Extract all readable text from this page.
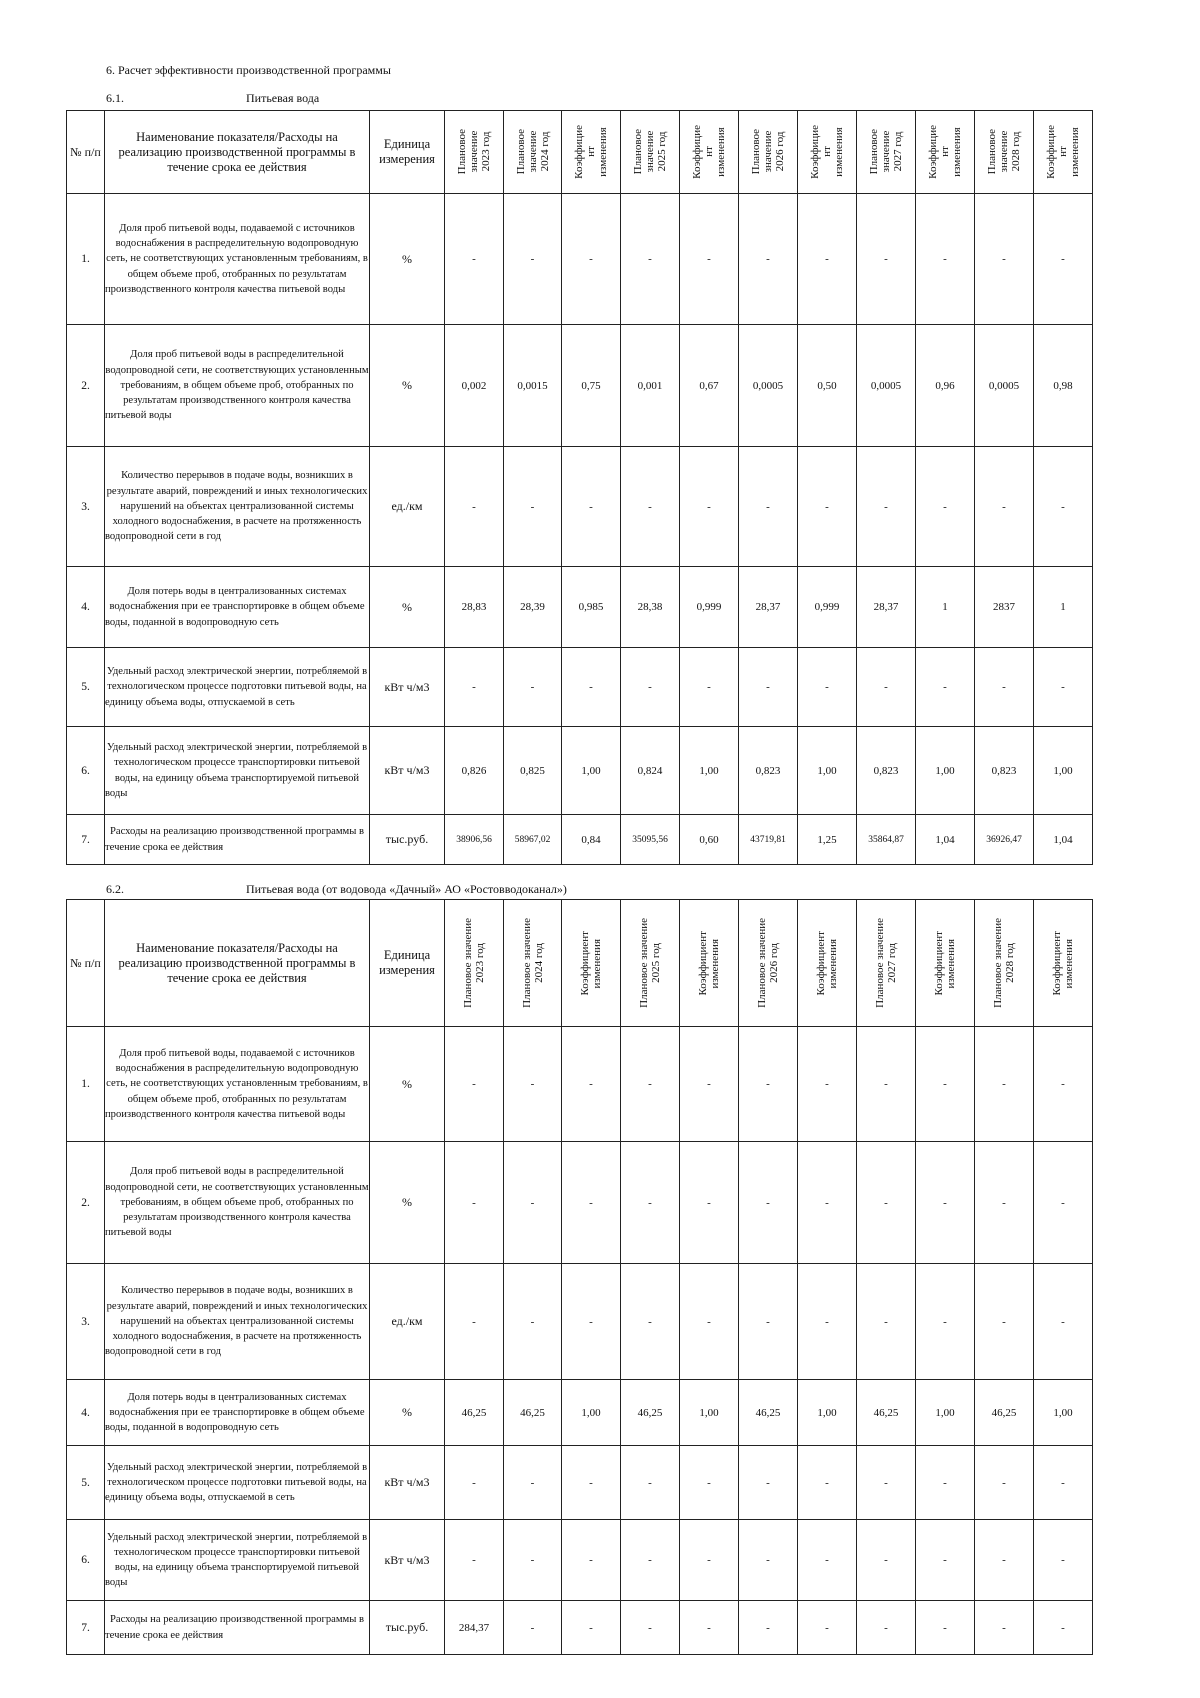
6. Расчет эффективности производственной программы
6.1.	Питьевая вода
№ п/п	Наименование показателя/Расходы на реализацию производственной программы в течение срока ее действия	Единица измерения	Плановое
значение
2023 год	Плановое
значение
2024 год	Коэффицие
нт
изменения	Плановое
значение
2025 год	Коэффицие
нт
изменения	Плановое
значение
2026 год	Коэффицие
нт
изменения	Плановое
значение
2027 год	Коэффицие
нт
изменения	Плановое
значение
2028 год	Коэффицие
нт
изменения

1.	Доля проб питьевой воды, подаваемой с источников водоснабжения в распределительную водопроводную сеть, не соответствующих установленным требованиям, в общем объеме проб, отобранных по результатам производственного контроля качества питьевой воды	%	-	-	-	-	-	-	-	-	-	-	-
2.	Доля проб питьевой воды в распределительной водопроводной сети, не соответствующих установленным требованиям, в общем объеме проб, отобранных по результатам производственного контроля качества питьевой воды	%	0,002	0,0015	0,75	0,001	0,67	0,0005	0,50	0,0005	0,96	0,0005	0,98
3.	Количество перерывов в подаче воды, возникших в результате аварий, повреждений и иных технологических нарушений на объектах централизованной системы холодного водоснабжения, в расчете на протяженность водопроводной сети в год	ед./км	-	-	-	-	-	-	-	-	-	-	-
4.	Доля потерь воды в централизованных системах водоснабжения при ее транспортировке в общем объеме воды, поданной в водопроводную сеть	%	28,83	28,39	0,985	28,38	0,999	28,37	0,999	28,37	1	2837	1
5.	Удельный расход электрической энергии, потребляемой в технологическом процессе подготовки питьевой воды, на единицу объема воды, отпускаемой в сеть	кВт ч/м3	-	-	-	-	-	-	-	-	-	-	-
6.	Удельный расход электрической энергии, потребляемой в технологическом процессе транспортировки питьевой воды, на единицу объема транспортируемой питьевой воды	кВт ч/м3	0,826	0,825	1,00	0,824	1,00	0,823	1,00	0,823	1,00	0,823	1,00
7.	Расходы на реализацию производственной программы в течение срока ее действия	тыс.руб.	38906,56	58967,02	0,84	35095,56	0,60	43719,81	1,25	35864,87	1,04	36926,47	1,04
6.2.	Питьевая вода (от водовода «Дачный» АО «Ростовводоканал»)
№ п/п	Наименование показателя/Расходы на реализацию производственной программы в течение срока ее действия	Единица измерения	Плановое значение
2023 год	Плановое значение
2024 год	Коэффициент
изменения	Плановое значение
2025 год	Коэффициент
изменения	Плановое значение
2026 год	Коэффициент
изменения	Плановое значение
2027 год	Коэффициент
изменения	Плановое значение
2028 год	Коэффициент
изменения

1.	Доля проб питьевой воды, подаваемой с источников водоснабжения в распределительную водопроводную сеть, не соответствующих установленным требованиям, в общем объеме проб, отобранных по результатам производственного контроля качества питьевой воды	%	-	-	-	-	-	-	-	-	-	-	-
2.	Доля проб питьевой воды в распределительной водопроводной сети, не соответствующих установленным требованиям, в общем объеме проб, отобранных по результатам производственного контроля качества питьевой воды	%	-	-	-	-	-	-	-	-	-	-	-
3.	Количество перерывов в подаче воды, возникших в результате аварий, повреждений и иных технологических нарушений на объектах централизованной системы холодного водоснабжения, в расчете на протяженность водопроводной сети в год	ед./км	-	-	-	-	-	-	-	-	-	-	-
4.	Доля потерь воды в централизованных системах водоснабжения при ее транспортировке в общем объеме воды, поданной в водопроводную сеть	%	46,25	46,25	1,00	46,25	1,00	46,25	1,00	46,25	1,00	46,25	1,00
5.	Удельный расход электрической энергии, потребляемой в технологическом процессе подготовки питьевой воды, на единицу объема воды, отпускаемой в сеть	кВт ч/м3	-	-	-	-	-	-	-	-	-	-	-
6.	Удельный расход электрической энергии, потребляемой в технологическом процессе транспортировки питьевой воды, на единицу объема транспортируемой питьевой воды	кВт ч/м3	-	-	-	-	-	-	-	-	-	-	-
7.	Расходы на реализацию производственной программы в течение срока ее действия	тыс.руб.	284,37	-	-	-	-	-	-	-	-	-	-
